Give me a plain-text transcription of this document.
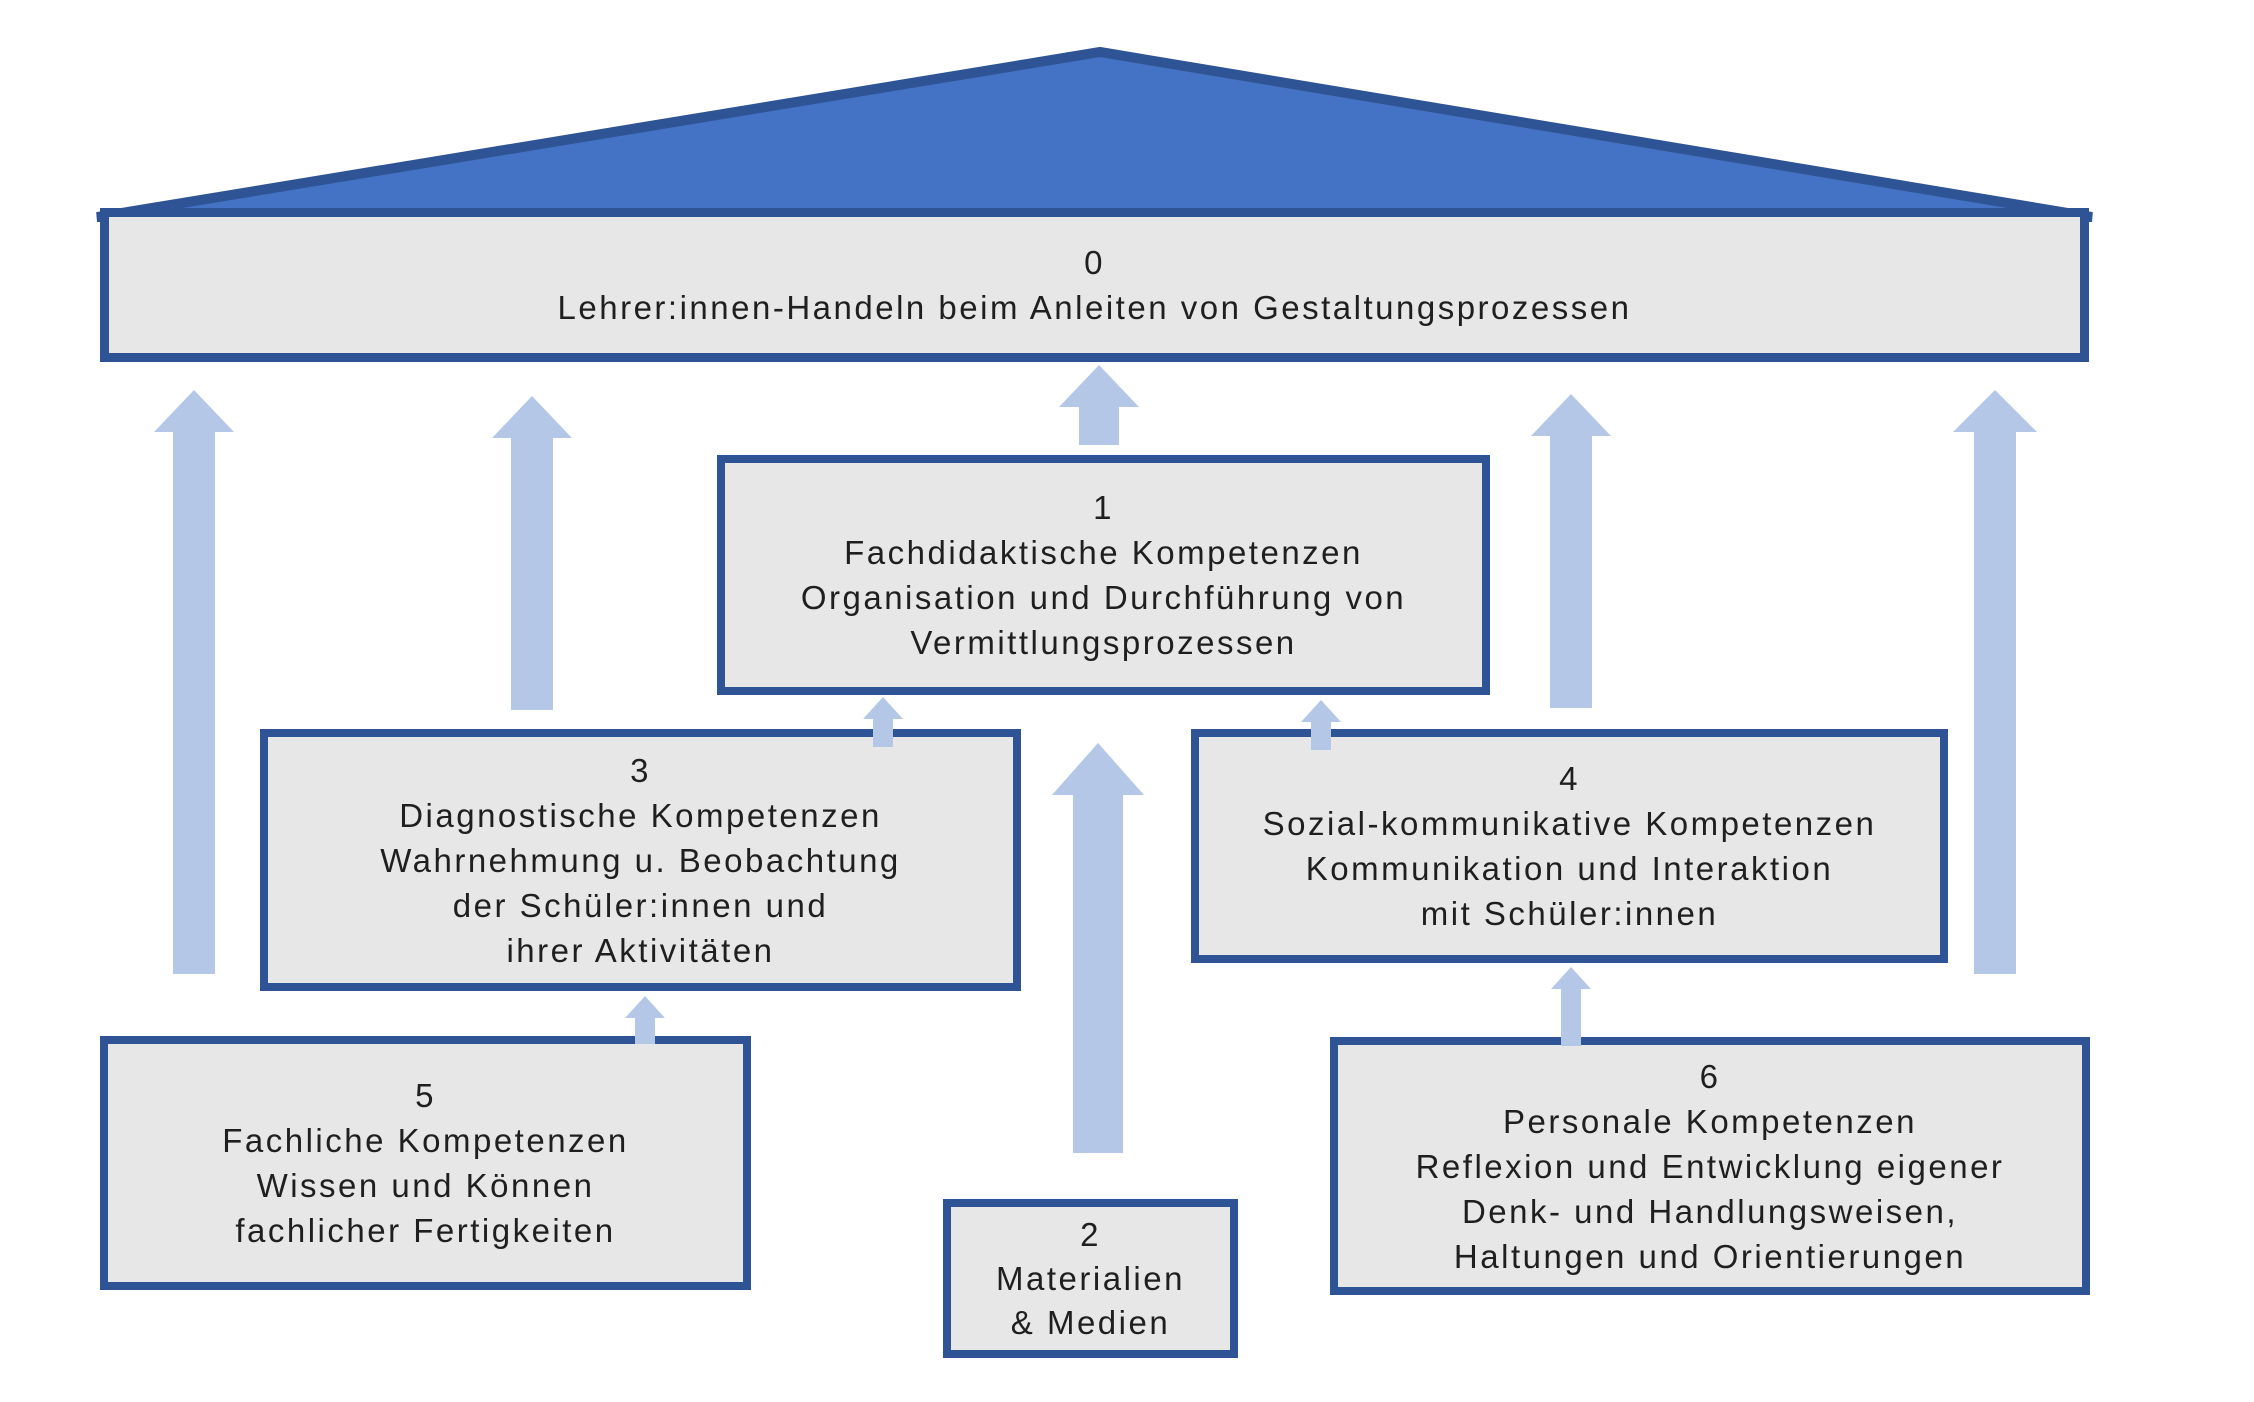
0
Lehrer:innen-Handeln beim Anleiten von Gestaltungsprozessen
1
Fachdidaktische Kompetenzen
Organisation und Durchführung von
Vermittlungsprozessen
3
Diagnostische Kompetenzen
Wahrnehmung u. Beobachtung
der Schüler:innen und
ihrer Aktivitäten
4
Sozial-kommunikative Kompetenzen
Kommunikation und Interaktion
mit Schüler:innen
5
Fachliche Kompetenzen
Wissen und Können
fachlicher Fertigkeiten
6
Personale Kompetenzen
Reflexion und Entwicklung eigener
Denk- und Handlungsweisen,
Haltungen und Orientierungen
2
Materialien
& Medien
